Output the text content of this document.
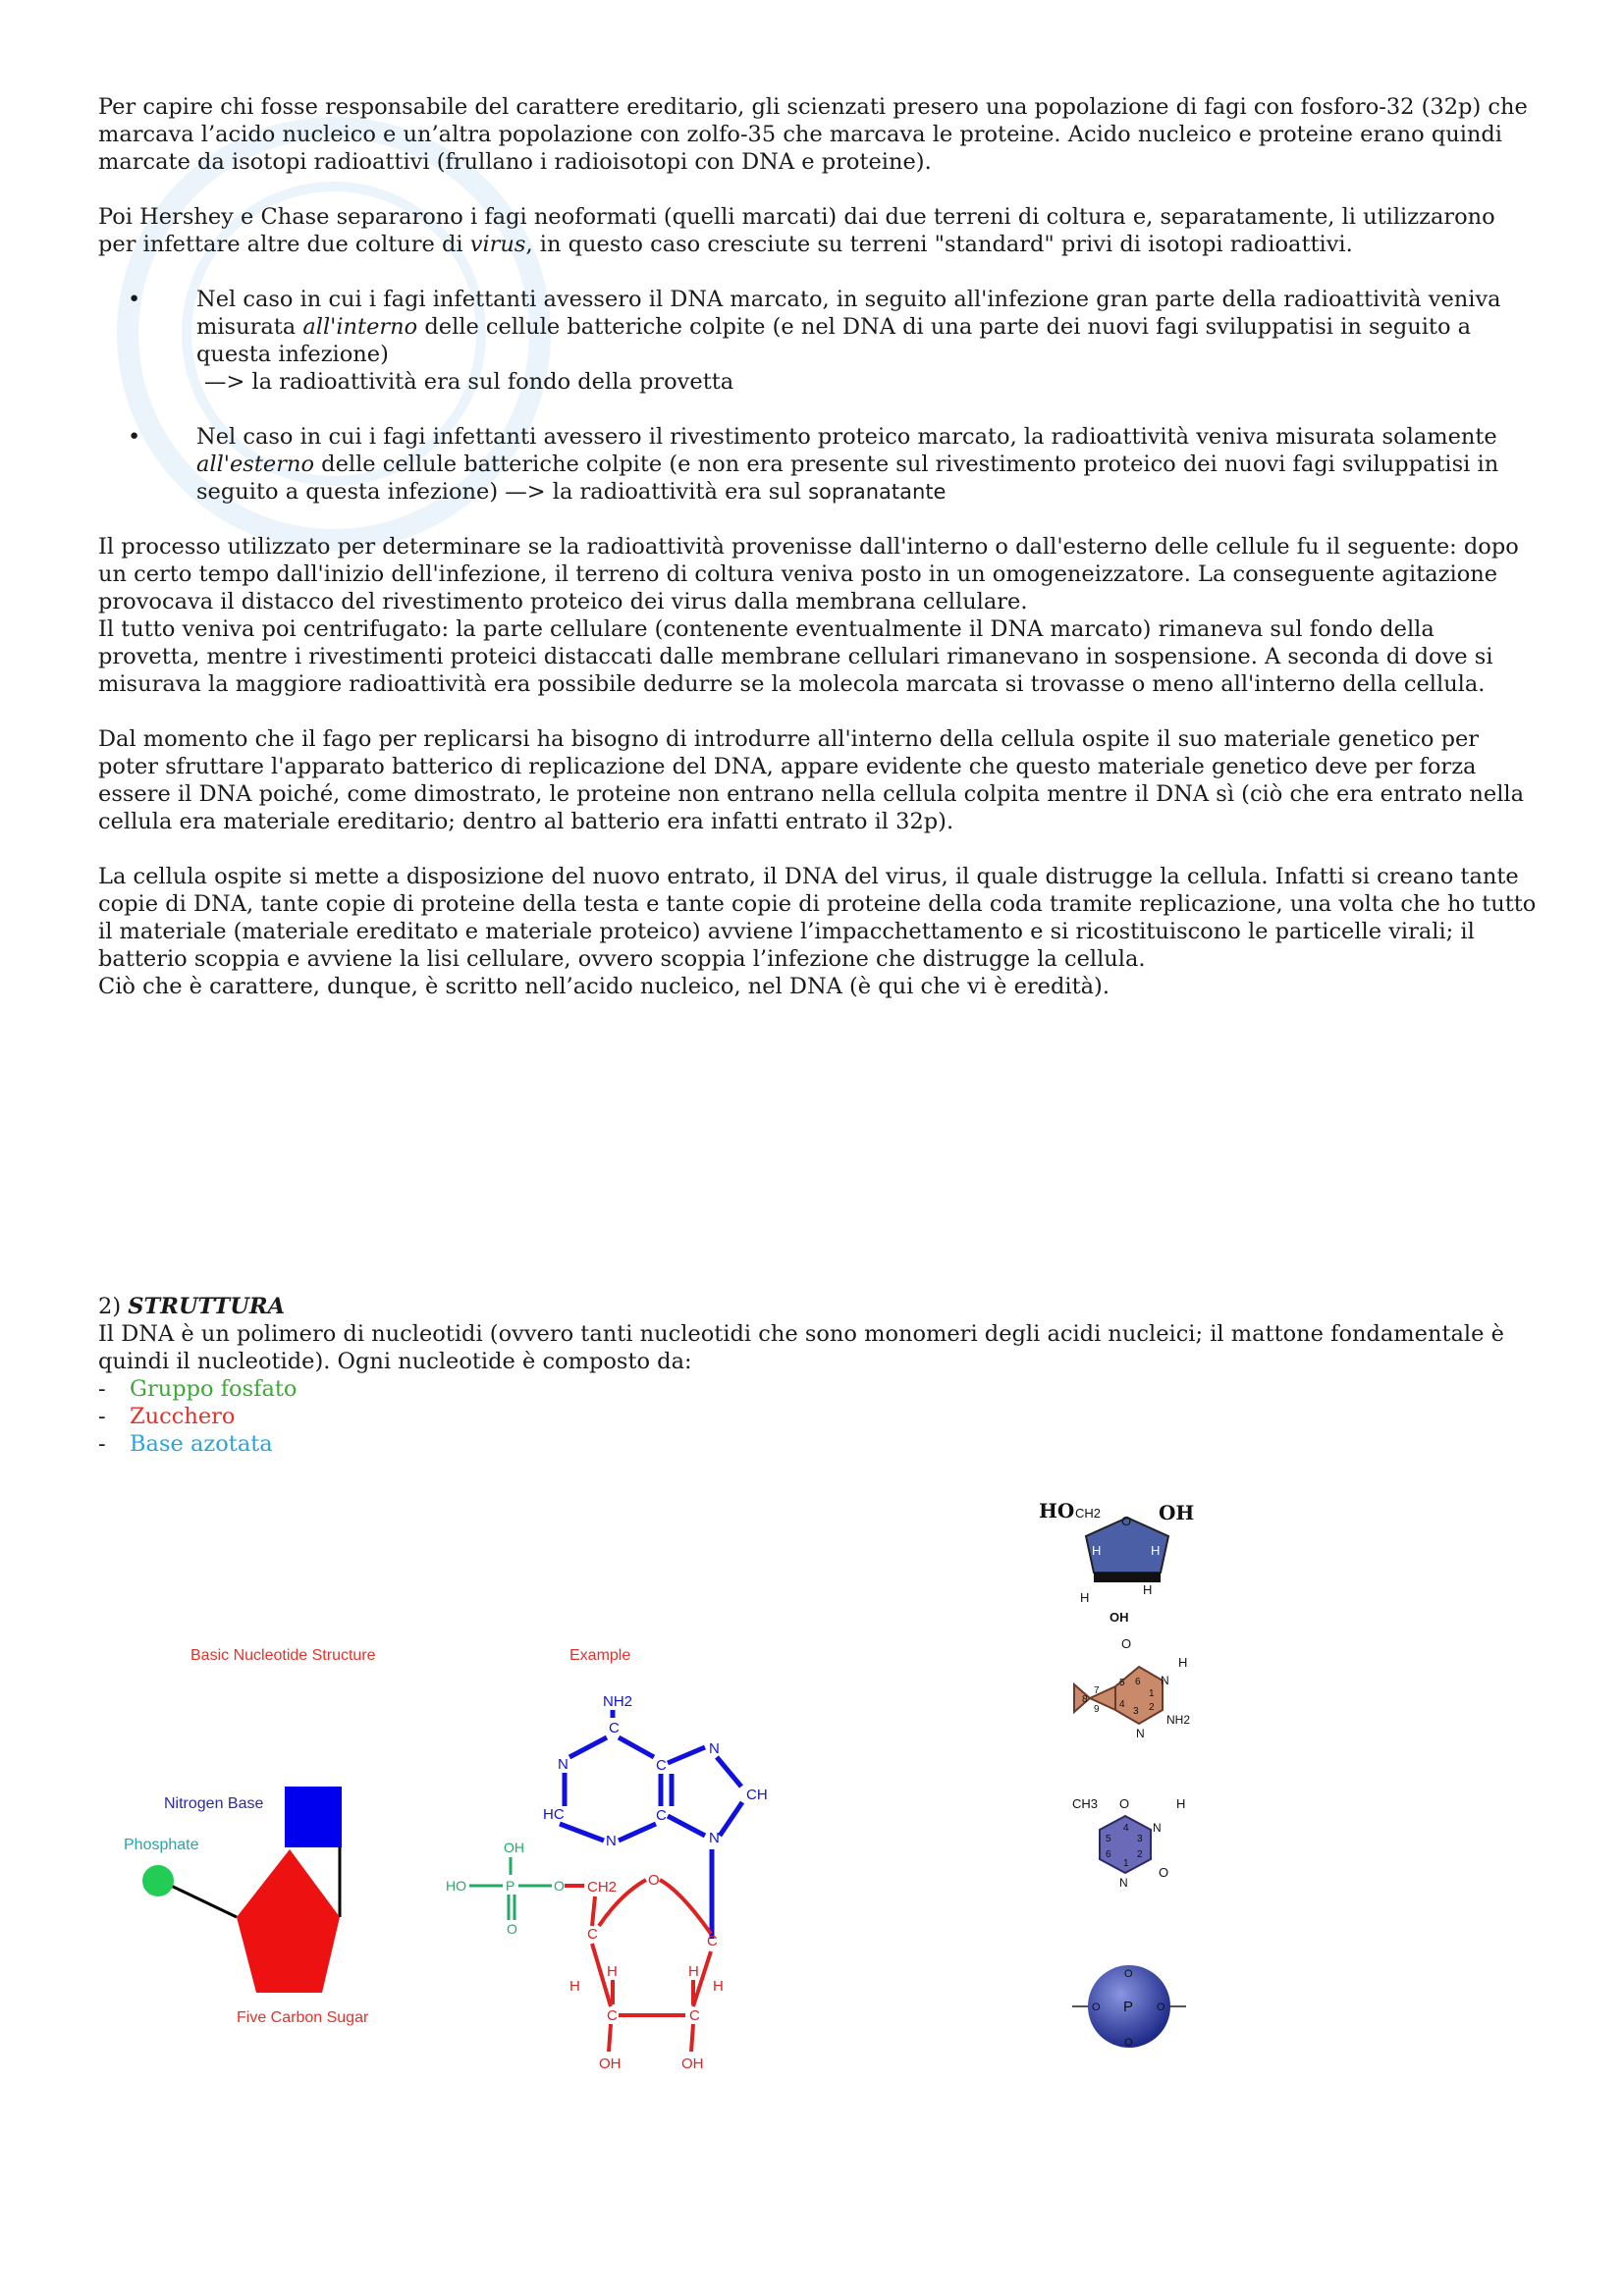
Per capire chi fosse responsabile del carattere ereditario, gli scienzati presero una popolazione di fagi con fosforo-32 (32p) che marcava l’acido nucleico e un’altra popolazione con zolfo-35 che marcava le proteine. Acido nucleico e proteine erano quindi marcate da isotopi radioattivi (frullano i radioisotopi con DNA e proteine).

Poi Hershey e Chase separarono i fagi neoformati (quelli marcati) dai due terreni di coltura e, separatamente, li utilizzarono per infettare altre due colture di virus, in questo caso cresciute su terreni "standard" privi di isotopi radioattivi.

•	Nel caso in cui i fagi infettanti avessero il DNA marcato, in seguito all'infezione gran parte della radioattività veniva misurata all'interno delle cellule batteriche colpite (e nel DNA di una parte dei nuovi fagi sviluppatisi in seguito a questa infezione)
—> la radioattività era sul fondo della provetta
•	Nel caso in cui i fagi infettanti avessero il rivestimento proteico marcato, la radioattività veniva misurata solamente all'esterno delle cellule batteriche colpite (e non era presente sul rivestimento proteico dei nuovi fagi sviluppatisi in seguito a questa infezione) —> la radioattività era sul sopranatante

Il processo utilizzato per determinare se la radioattività provenisse dall'interno o dall'esterno delle cellule fu il seguente: dopo un certo tempo dall'inizio dell'infezione, il terreno di coltura veniva posto in un omogeneizzatore. La conseguente agitazione provocava il distacco del rivestimento proteico dei virus dalla membrana cellulare.

Il tutto veniva poi centrifugato: la parte cellulare (contenente eventualmente il DNA marcato) rimaneva sul fondo della provetta, mentre i rivestimenti proteici distaccati dalle membrane cellulari rimanevano in sospensione. A seconda di dove si misurava la maggiore radioattività era possibile dedurre se la molecola marcata si trovasse o meno all'interno della cellula.

Dal momento che il fago per replicarsi ha bisogno di introdurre all'interno della cellula ospite il suo materiale genetico per poter sfruttare l'apparato batterico di replicazione del DNA, appare evidente che questo materiale genetico deve per forza essere il DNA poiché, come dimostrato, le proteine non entrano nella cellula colpita mentre il DNA sì (ciò che era entrato nella cellula era materiale ereditario; dentro al batterio era infatti entrato il 32p).

La cellula ospite si mette a disposizione del nuovo entrato, il DNA del virus, il quale distrugge la cellula. Infatti si creano tante copie di DNA, tante copie di proteine della testa e tante copie di proteine della coda tramite replicazione, una volta che ho tutto il materiale (materiale ereditato e materiale proteico) avviene l’impacchettamento e si ricostituiscono le particelle virali; il batterio scoppia e avviene la lisi cellulare, ovvero scoppia l’infezione che distrugge la cellula.

Ciò che è carattere, dunque, è scritto nell’acido nucleico, nel DNA (è qui che vi è eredità).

2) STRUTTURA
Il DNA è un polimero di nucleotidi (ovvero tanti nucleotidi che sono monomeri degli acidi nucleici; il mattone fondamentale è quindi il nucleotide). Ogni nucleotide è composto da:
- Gruppo fosfato
- Zucchero
- Base azotata
Basic Nucleotide Structure
Nitrogen Base
Phosphate
Five Carbon Sugar
Example
NH2
C
N	C
N
CH
HC	C
N	N
OH
HO	P	O
O
CH2 O
C	C
H	H
C	C
H	H
OH	OH
HO CH2	OH
O
H	H
H
H
OH
O
H
N
N
5 6
1
4
3 2
7
8
9
NH2
O
CH3	H
4
5	3
6
1
2
N
N
O
P
O
O
O	O
